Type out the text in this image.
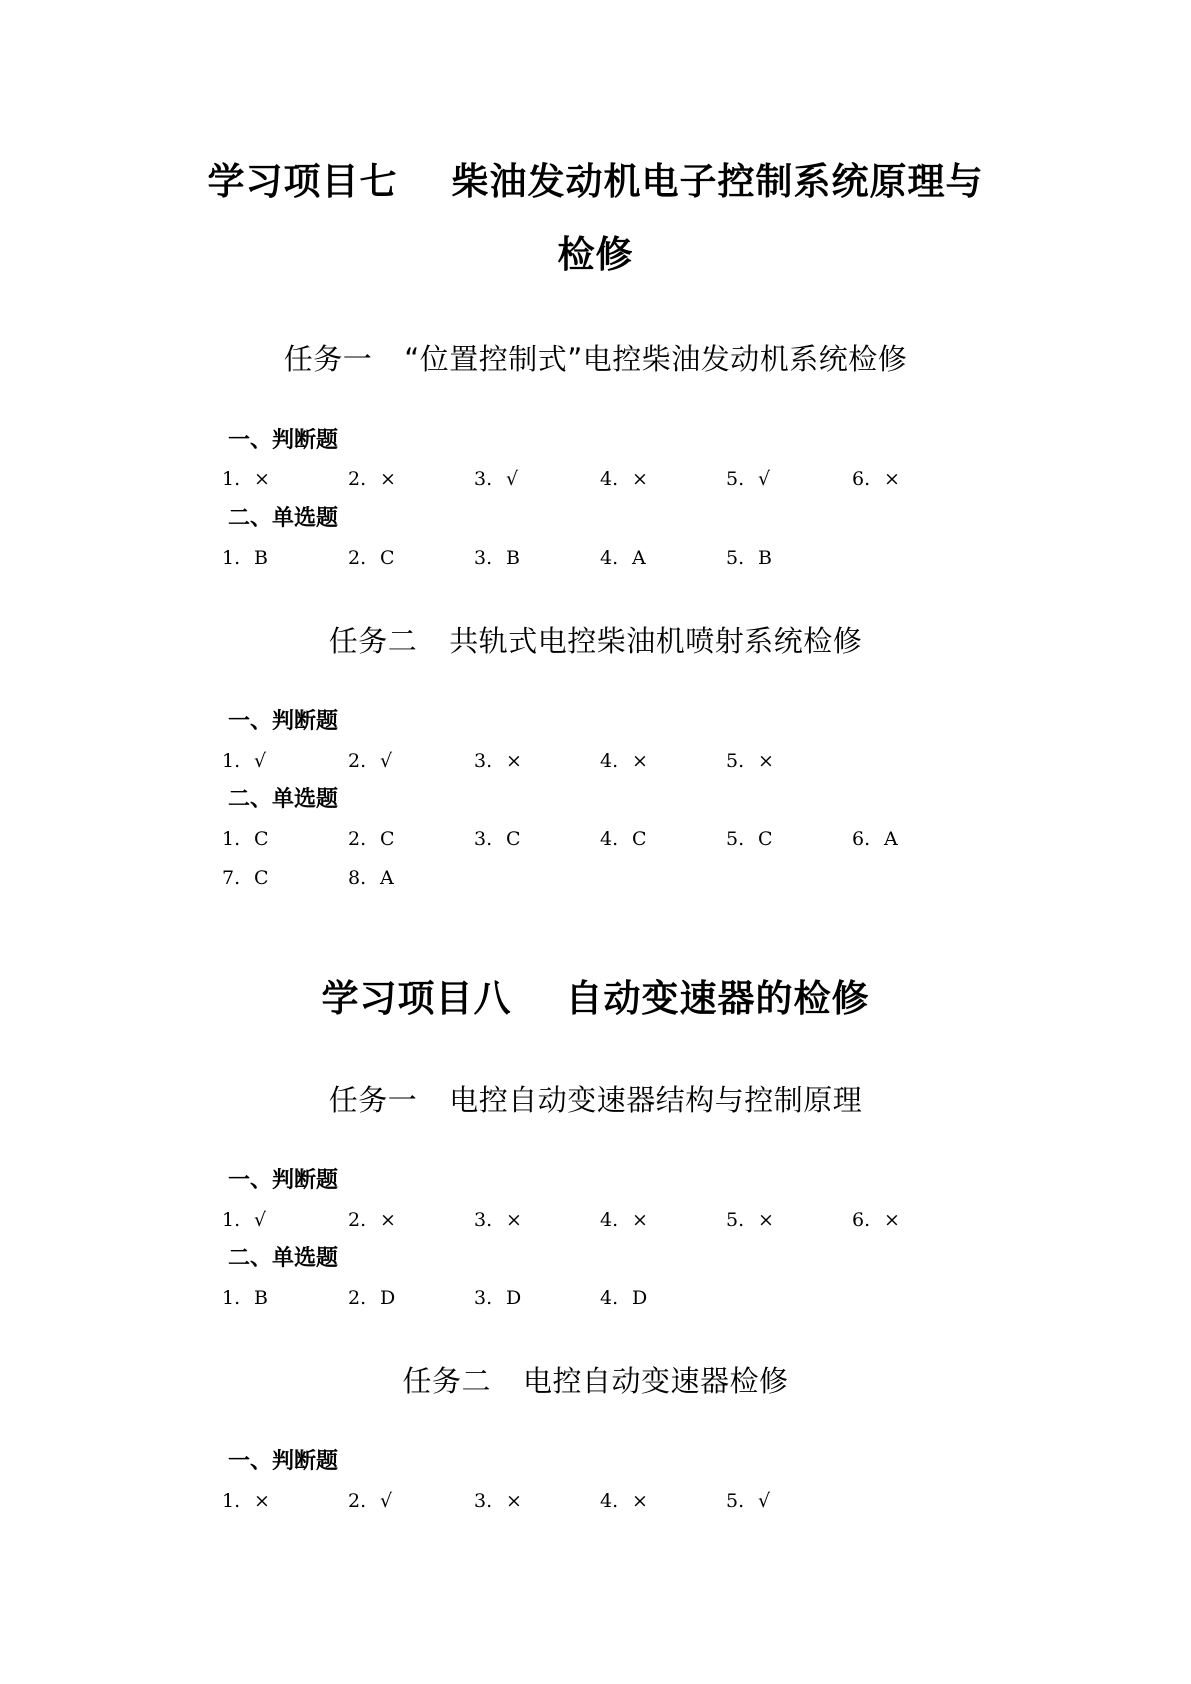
学习项目七 柴油发动机电子控制系统原理与
检修
任务一 “位置控制式”电控柴油发动机系统检修
一、判断题
1. ×	2. ×	3. √	4. ×	5. √	6. ×
二、单选题
1. B	2. C	3. B	4. A	5. B
任务二 共轨式电控柴油机喷射系统检修
一、判断题
1. √	2. √	3. ×	4. ×	5. ×
二、单选题
1. C	2. C	3. C	4. C	5. C	6. A
7. C	8. A
学习项目八 自动变速器的检修
任务一 电控自动变速器结构与控制原理
一、判断题
1. √	2. ×	3. ×	4. ×	5. ×	6. ×
二、单选题
1. B	2. D	3. D	4. D
任务二 电控自动变速器检修
一、判断题
1. ×	2. √	3. ×	4. ×	5. √
